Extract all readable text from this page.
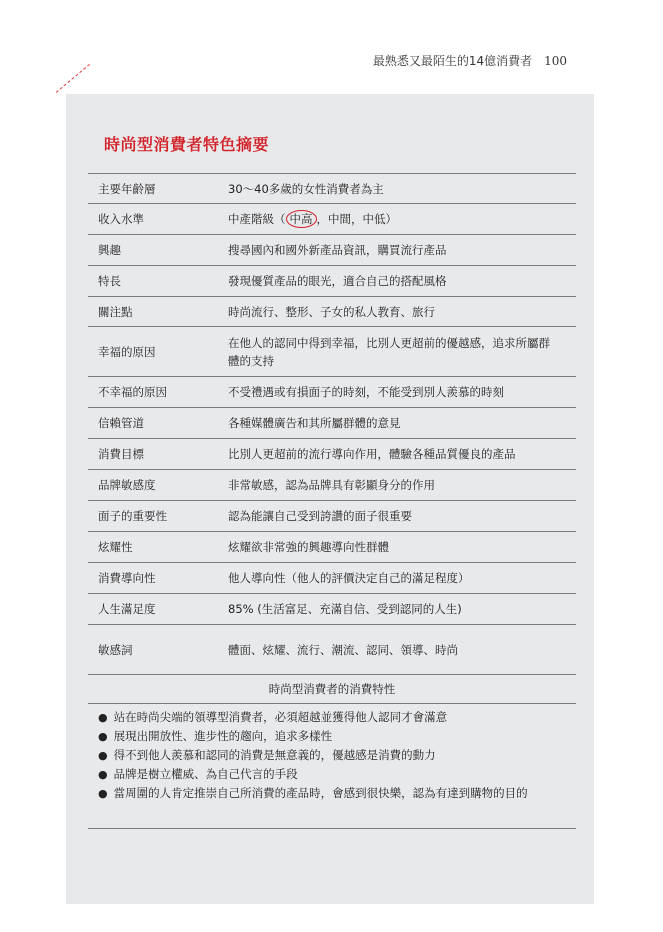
最熟悉又最陌生的14億消費者 100
時尚型消費者特色摘要
主要年齡層	30～40多歲的女性消費者為主
收入水準	中產階級（ 中高 ，中間，中低）
興趣	搜尋國內和國外新產品資訊，購買流行產品
特長	發現優質產品的眼光，適合自己的搭配風格
關注點	時尚流行、整形、子女的私人教育、旅行
幸福的原因	在他人的認同中得到幸福，比別人更超前的優越感，追求所屬群體的支持
不幸福的原因	不受禮遇或有損面子的時刻，不能受到別人羨慕的時刻
信賴管道	各種媒體廣告和其所屬群體的意見
消費目標	比別人更超前的流行導向作用，體驗各種品質優良的產品
品牌敏感度	非常敏感，認為品牌具有彰顯身分的作用
面子的重要性	認為能讓自己受到誇讚的面子很重要
炫耀性	炫耀欲非常強的興趣導向性群體
消費導向性	他人導向性（他人的評價決定自己的滿足程度）
人生滿足度	85% (生活富足、充滿自信、受到認同的人生)
敏感詞	體面、炫耀、流行、潮流、認同、領導、時尚
時尚型消費者的消費特性
● 站在時尚尖端的領導型消費者，必須超越並獲得他人認同才會滿意
● 展現出開放性、進步性的趨向，追求多樣性
● 得不到他人羨慕和認同的消費是無意義的，優越感是消費的動力
● 品牌是樹立權威、為自己代言的手段
● 當周圍的人肯定推崇自己所消費的產品時，會感到很快樂，認為有達到購物的目的
